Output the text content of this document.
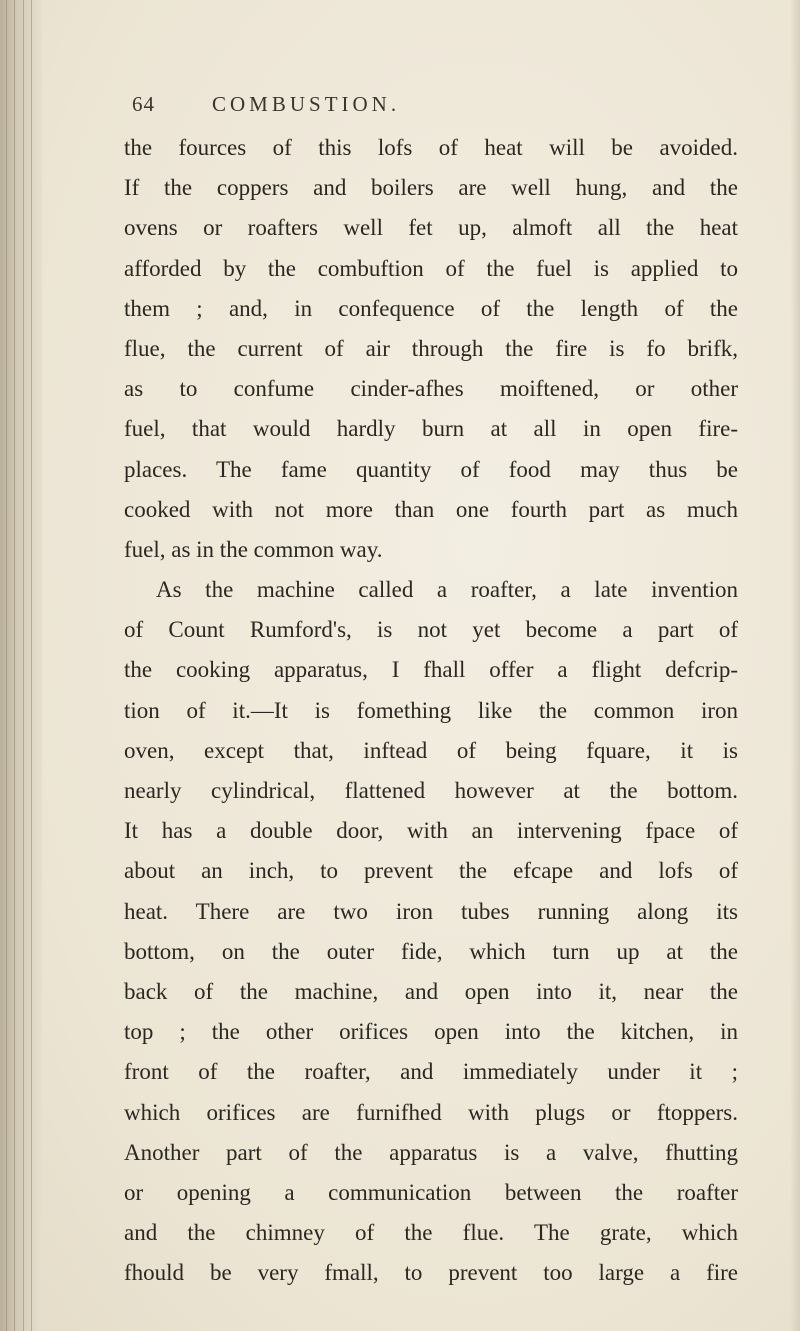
64	COMBUSTION.
the fources of this lofs of heat will be avoided.
If the coppers and boilers are well hung, and the
ovens or roafters well fet up, almoft all the heat
afforded by the combuftion of the fuel is applied to
them ; and, in confequence of the length of the
flue, the current of air through the fire is fo brifk,
as to confume cinder-afhes moiftened, or other
fuel, that would hardly burn at all in open fire-
places. The fame quantity of food may thus be
cooked with not more than one fourth part as much
fuel, as in the common way.
As the machine called a roafter, a late invention
of Count Rumford's, is not yet become a part of
the cooking apparatus, I fhall offer a flight defcrip-
tion of it.—It is fomething like the common iron
oven, except that, inftead of being fquare, it is
nearly cylindrical, flattened however at the bottom.
It has a double door, with an intervening fpace of
about an inch, to prevent the efcape and lofs of
heat. There are two iron tubes running along its
bottom, on the outer fide, which turn up at the
back of the machine, and open into it, near the
top ; the other orifices open into the kitchen, in
front of the roafter, and immediately under it ;
which orifices are furnifhed with plugs or ftoppers.
Another part of the apparatus is a valve, fhutting
or opening a communication between the roafter
and the chimney of the flue. The grate, which
fhould be very fmall, to prevent too large a fire
